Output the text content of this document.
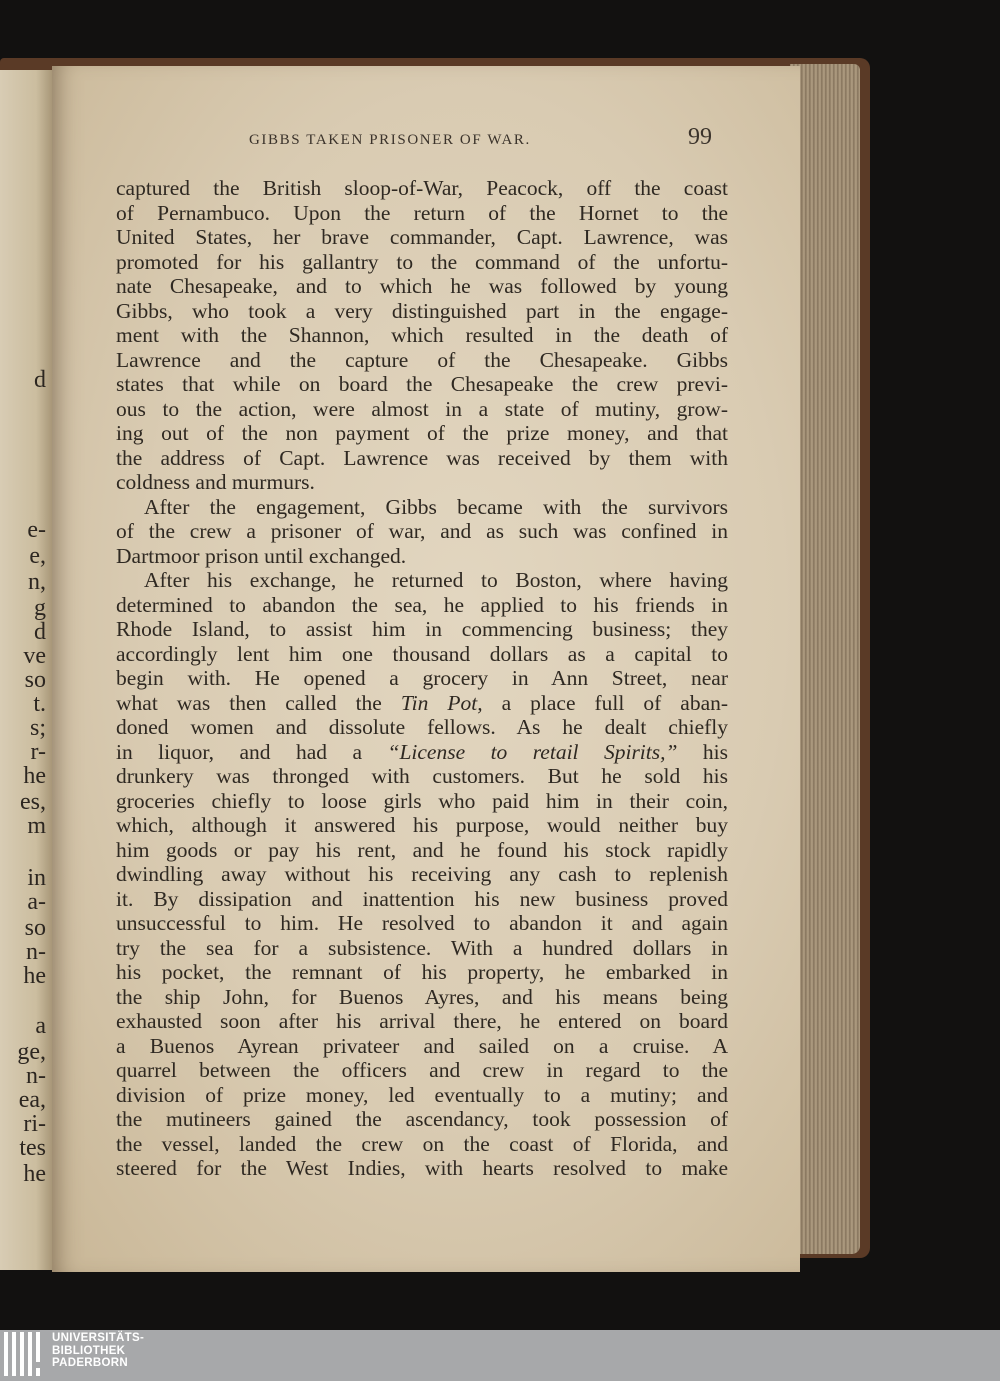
d
e-
e,
n,
g
d
ve
so
t.
s;
r-
he
es,
m
in
a-
so
n-
he
a
ge,
n-
ea,
ri-
tes
he
GIBBS TAKEN PRISONER OF WAR.	99
captured the British sloop-of-War, Peacock, off the coast
of Pernambuco. Upon the return of the Hornet to the
United States, her brave commander, Capt. Lawrence, was
promoted for his gallantry to the command of the unfortu-
nate Chesapeake, and to which he was followed by young
Gibbs, who took a very distinguished part in the engage-
ment with the Shannon, which resulted in the death of
Lawrence and the capture of the Chesapeake. Gibbs
states that while on board the Chesapeake the crew previ-
ous to the action, were almost in a state of mutiny, grow-
ing out of the non payment of the prize money, and that
the address of Capt. Lawrence was received by them with
coldness and murmurs.
After the engagement, Gibbs became with the survivors
of the crew a prisoner of war, and as such was confined in
Dartmoor prison until exchanged.
After his exchange, he returned to Boston, where having
determined to abandon the sea, he applied to his friends in
Rhode Island, to assist him in commencing business; they
accordingly lent him one thousand dollars as a capital to
begin with. He opened a grocery in Ann Street, near
what was then called the Tin Pot, a place full of aban-
doned women and dissolute fellows. As he dealt chiefly
in liquor, and had a “License to retail Spirits,” his
drunkery was thronged with customers. But he sold his
groceries chiefly to loose girls who paid him in their coin,
which, although it answered his purpose, would neither buy
him goods or pay his rent, and he found his stock rapidly
dwindling away without his receiving any cash to replenish
it. By dissipation and inattention his new business proved
unsuccessful to him. He resolved to abandon it and again
try the sea for a subsistence. With a hundred dollars in
his pocket, the remnant of his property, he embarked in
the ship John, for Buenos Ayres, and his means being
exhausted soon after his arrival there, he entered on board
a Buenos Ayrean privateer and sailed on a cruise. A
quarrel between the officers and crew in regard to the
division of prize money, led eventually to a mutiny; and
the mutineers gained the ascendancy, took possession of
the vessel, landed the crew on the coast of Florida, and
steered for the West Indies, with hearts resolved to make
UNIVERSITÄTS-
BIBLIOTHEK
PADERBORN
